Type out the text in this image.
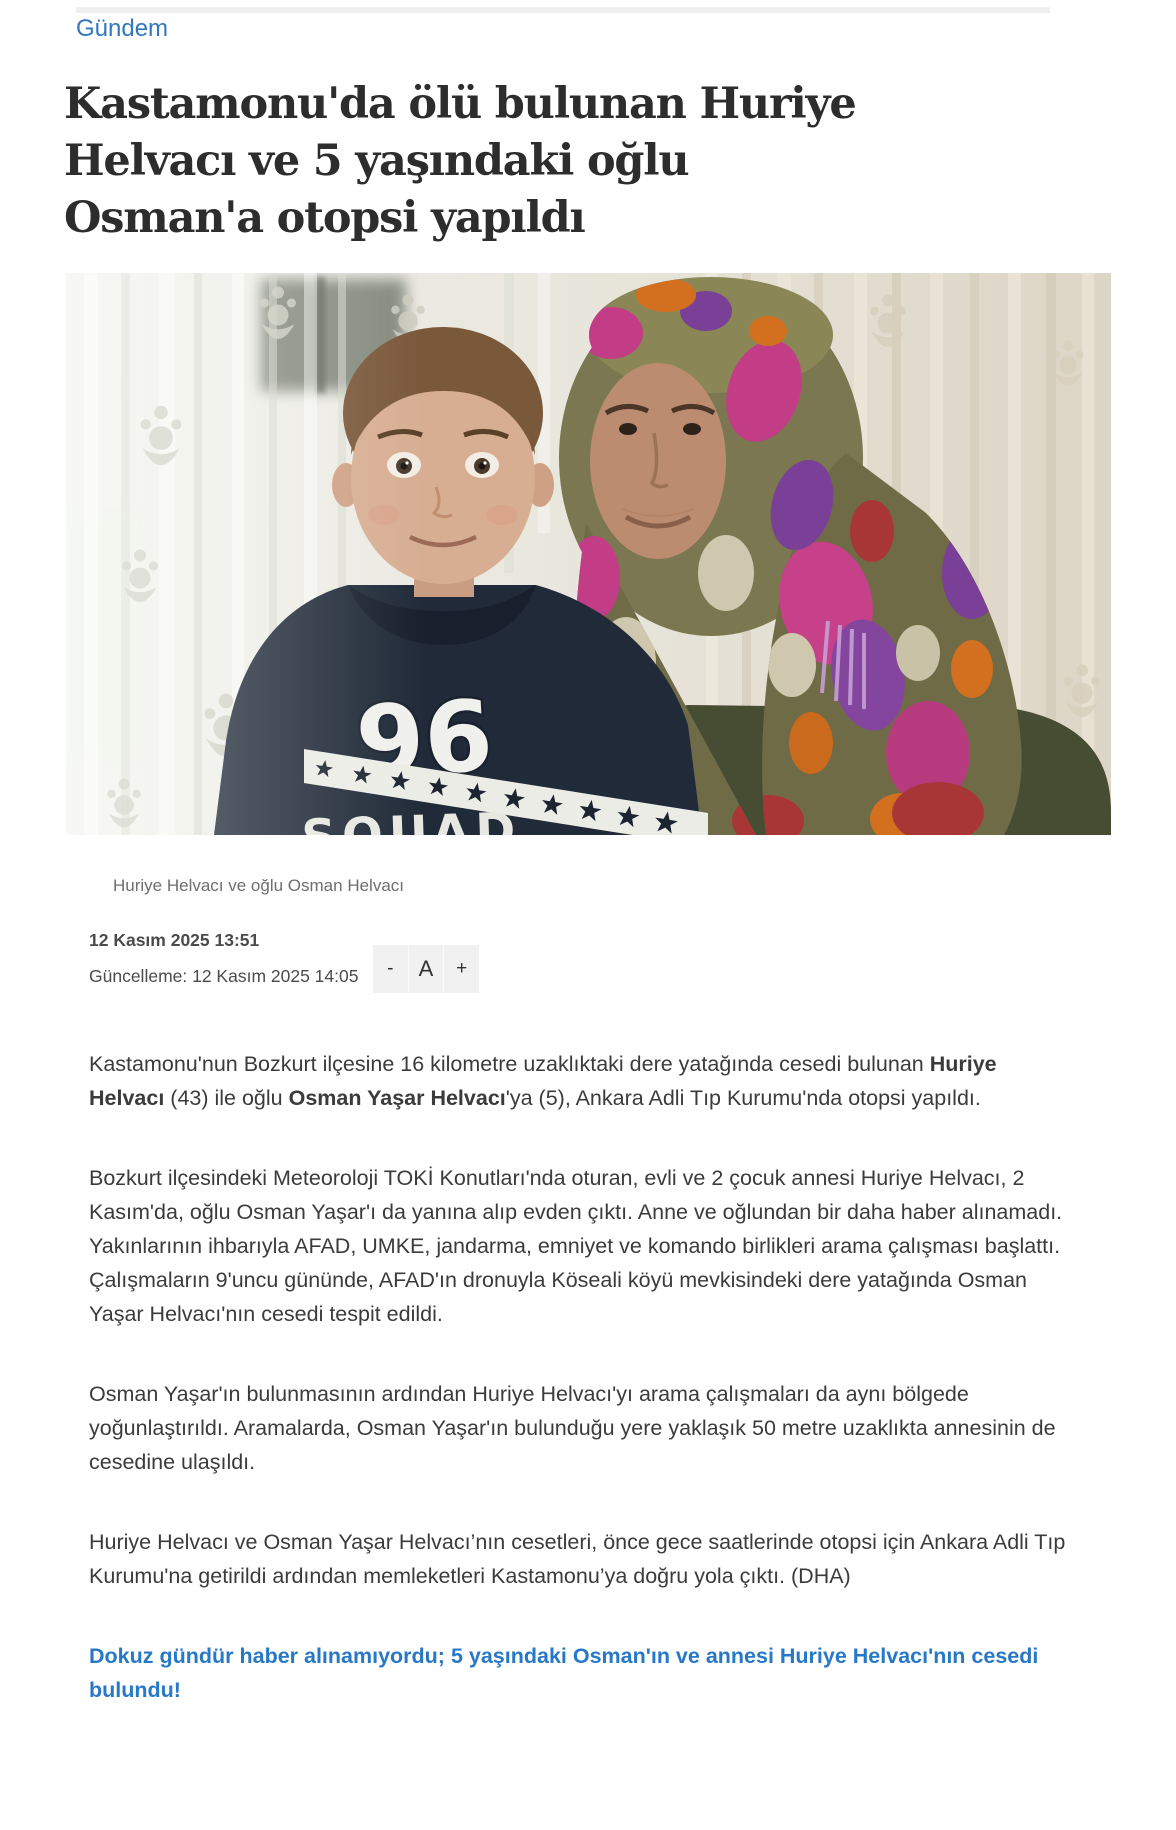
Gündem
Kastamonu'da ölü bulunan Huriye Helvacı ve 5 yaşındaki oğlu Osman'a otopsi yapıldı
Huriye Helvacı ve oğlu Osman Helvacı
12 Kasım 2025 13:51
Güncelleme: 12 Kasım 2025 14:05	-	A	+

Kastamonu'nun Bozkurt ilçesine 16 kilometre uzaklıktaki dere yatağında cesedi bulunan Huriye Helvacı (43) ile oğlu Osman Yaşar Helvacı'ya (5), Ankara Adli Tıp Kurumu'nda otopsi yapıldı.

Bozkurt ilçesindeki Meteoroloji TOKİ Konutları'nda oturan, evli ve 2 çocuk annesi Huriye Helvacı, 2 Kasım'da, oğlu Osman Yaşar'ı da yanına alıp evden çıktı. Anne ve oğlundan bir daha haber alınamadı. Yakınlarının ihbarıyla AFAD, UMKE, jandarma, emniyet ve komando birlikleri arama çalışması başlattı. Çalışmaların 9'uncu gününde, AFAD'ın dronuyla Köseali köyü mevkisindeki dere yatağında Osman Yaşar Helvacı'nın cesedi tespit edildi.

Osman Yaşar'ın bulunmasının ardından Huriye Helvacı'yı arama çalışmaları da aynı bölgede yoğunlaştırıldı. Aramalarda, Osman Yaşar'ın bulunduğu yere yaklaşık 50 metre uzaklıkta annesinin de cesedine ulaşıldı.

Huriye Helvacı ve Osman Yaşar Helvacı’nın cesetleri, önce gece saatlerinde otopsi için Ankara Adli Tıp Kurumu'na getirildi ardından memleketleri Kastamonu’ya doğru yola çıktı. (DHA)

Dokuz gündür haber alınamıyordu; 5 yaşındaki Osman'ın ve annesi Huriye Helvacı'nın cesedi bulundu!
